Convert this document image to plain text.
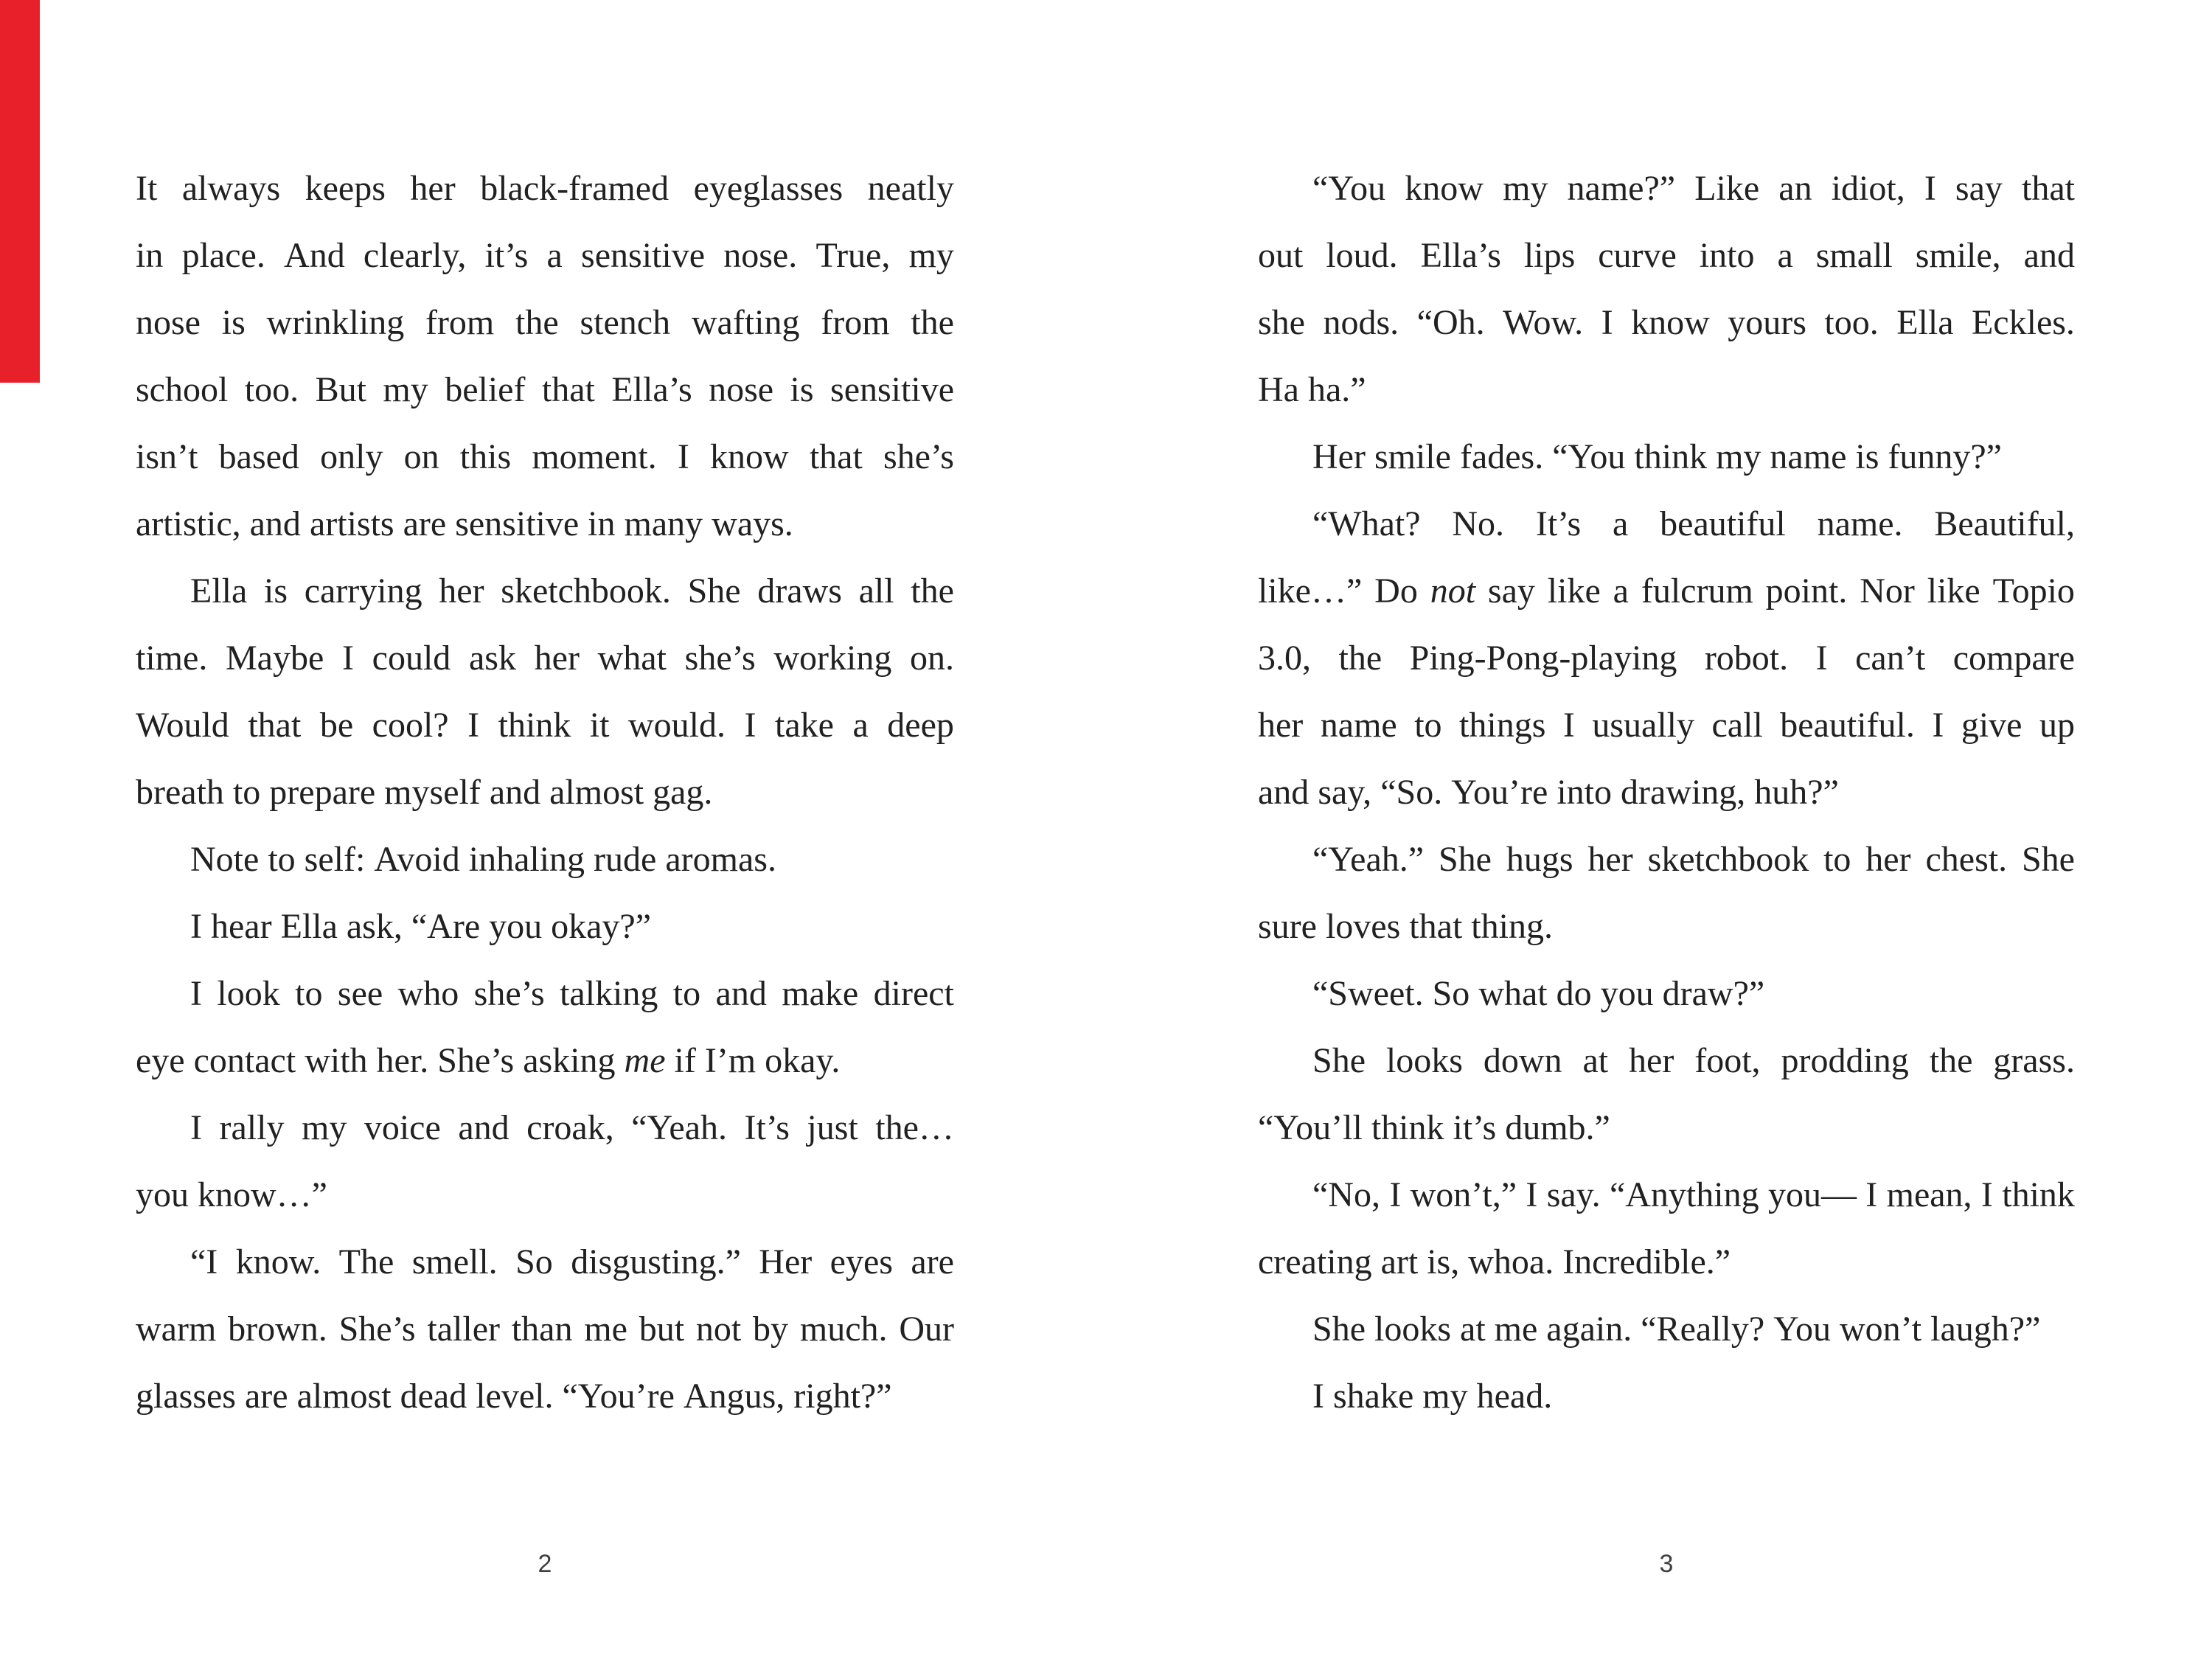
It always keeps her black-framed eyeglasses neatly
in place. And clearly, it’s a sensitive nose. True, my
nose is wrinkling from the stench wafting from the
school too. But my belief that Ella’s nose is sensitive
isn’t based only on this moment. I know that she’s
artistic, and artists are sensitive in many ways.
Ella is carrying her sketchbook. She draws all the
time. Maybe I could ask her what she’s working on.
Would that be cool? I think it would. I take a deep
breath to prepare myself and almost gag.
Note to self: Avoid inhaling rude aromas.
I hear Ella ask, “Are you okay?”
I look to see who she’s talking to and make direct
eye contact with her. She’s asking me if I’m okay.
I rally my voice and croak, “Yeah. It’s just the…
you know…”
“I know. The smell. So disgusting.” Her eyes are
warm brown. She’s taller than me but not by much. Our
glasses are almost dead level. “You’re Angus, right?”
“You know my name?” Like an idiot, I say that
out loud. Ella’s lips curve into a small smile, and
she nods. “Oh. Wow. I know yours too. Ella Eckles.
Ha ha.”
Her smile fades. “You think my name is funny?”
“What? No. It’s a beautiful name. Beautiful,
like…” Do not say like a fulcrum point. Nor like Topio
3.0, the Ping-Pong-playing robot. I can’t compare
her name to things I usually call beautiful. I give up
and say, “So. You’re into drawing, huh?”
“Yeah.” She hugs her sketchbook to her chest. She
sure loves that thing.
“Sweet. So what do you draw?”
She looks down at her foot, prodding the grass.
“You’ll think it’s dumb.”
“No, I won’t,” I say. “Anything you— I mean, I think
creating art is, whoa. Incredible.”
She looks at me again. “Really? You won’t laugh?”
I shake my head.
2	3
